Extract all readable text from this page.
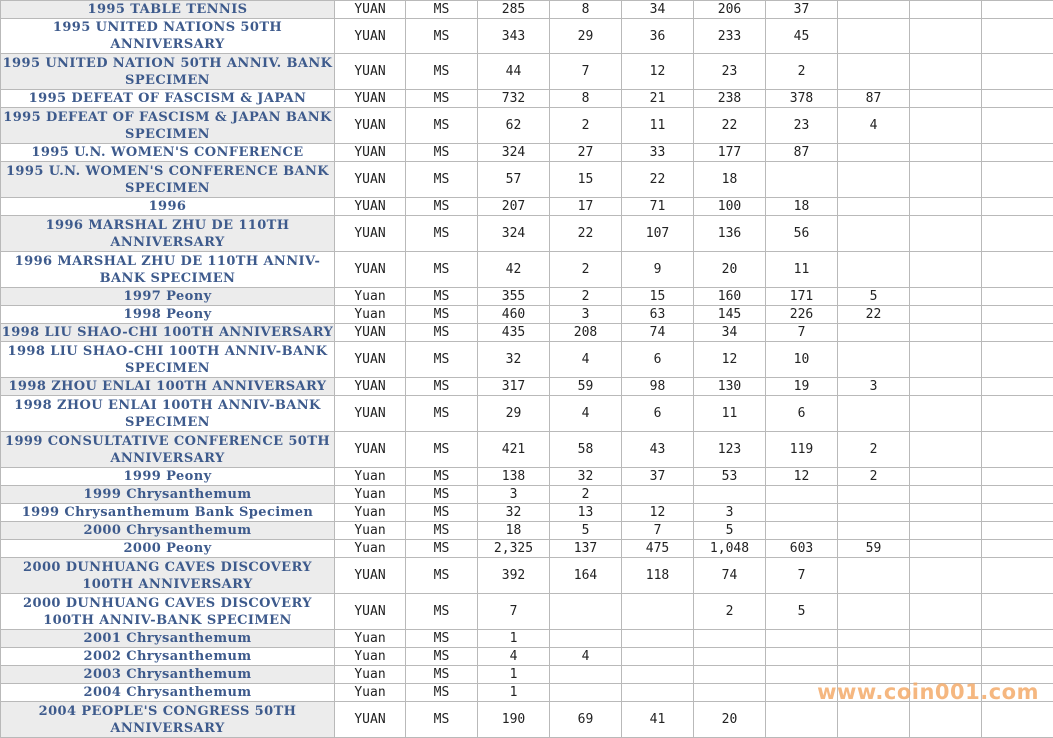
1995 TABLE TENNIS	YUAN	MS	285	8	34	206	37			
1995 UNITED NATIONS 50TH ANNIVERSARY	YUAN	MS	343	29	36	233	45			
1995 UNITED NATION 50TH ANNIV. BANK SPECIMEN	YUAN	MS	44	7	12	23	2			
1995 DEFEAT OF FASCISM & JAPAN	YUAN	MS	732	8	21	238	378	87		
1995 DEFEAT OF FASCISM & JAPAN BANK SPECIMEN	YUAN	MS	62	2	11	22	23	4		
1995 U.N. WOMEN'S CONFERENCE	YUAN	MS	324	27	33	177	87			
1995 U.N. WOMEN'S CONFERENCE BANK SPECIMEN	YUAN	MS	57	15	22	18				
1996	YUAN	MS	207	17	71	100	18			
1996 MARSHAL ZHU DE 110TH ANNIVERSARY	YUAN	MS	324	22	107	136	56			
1996 MARSHAL ZHU DE 110TH ANNIV-BANK SPECIMEN	YUAN	MS	42	2	9	20	11			
1997 Peony	Yuan	MS	355	2	15	160	171	5		
1998 Peony	Yuan	MS	460	3	63	145	226	22		
1998 LIU SHAO-CHI 100TH ANNIVERSARY	YUAN	MS	435	208	74	34	7			
1998 LIU SHAO-CHI 100TH ANNIV-BANK SPECIMEN	YUAN	MS	32	4	6	12	10			
1998 ZHOU ENLAI 100TH ANNIVERSARY	YUAN	MS	317	59	98	130	19	3		
1998 ZHOU ENLAI 100TH ANNIV-BANK SPECIMEN	YUAN	MS	29	4	6	11	6			
1999 CONSULTATIVE CONFERENCE 50TH ANNIVERSARY	YUAN	MS	421	58	43	123	119	2		
1999 Peony	Yuan	MS	138	32	37	53	12	2		
1999 Chrysanthemum	Yuan	MS	3	2						
1999 Chrysanthemum Bank Specimen	Yuan	MS	32	13	12	3				
2000 Chrysanthemum	Yuan	MS	18	5	7	5				
2000 Peony	Yuan	MS	2,325	137	475	1,048	603	59		
2000 DUNHUANG CAVES DISCOVERY 100TH ANNIVERSARY	YUAN	MS	392	164	118	74	7			
2000 DUNHUANG CAVES DISCOVERY 100TH ANNIV-BANK SPECIMEN	YUAN	MS	7			2	5			
2001 Chrysanthemum	Yuan	MS	1							
2002 Chrysanthemum	Yuan	MS	4	4						
2003 Chrysanthemum	Yuan	MS	1							
2004 Chrysanthemum	Yuan	MS	1							
2004 PEOPLE'S CONGRESS 50TH ANNIVERSARY	YUAN	MS	190	69	41	20				
www.coin001.com
